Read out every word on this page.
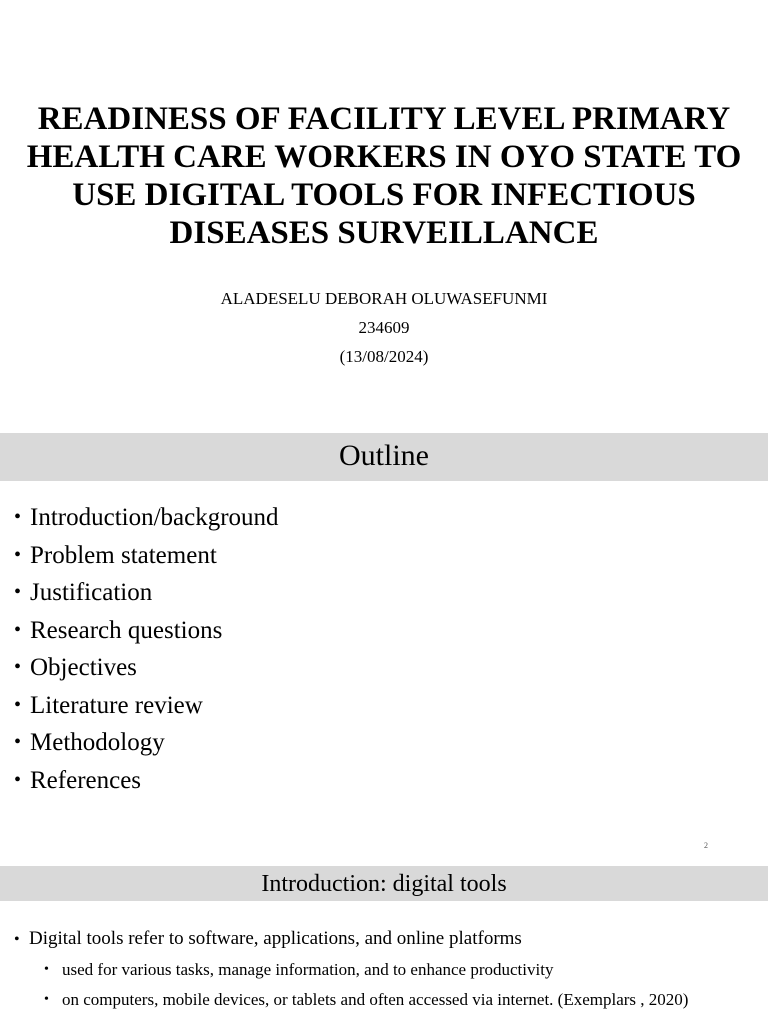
READINESS OF FACILITY LEVEL PRIMARY HEALTH CARE WORKERS IN OYO STATE TO USE DIGITAL TOOLS FOR INFECTIOUS DISEASES SURVEILLANCE
ALADESELU DEBORAH OLUWASEFUNMI
234609
(13/08/2024)
Outline
• Introduction/background
• Problem statement
• Justification
• Research questions
• Objectives
• Literature review
• Methodology
• References
2
Introduction: digital tools
• Digital tools refer to software, applications, and online platforms
• used for various tasks, manage information, and to enhance productivity
• on computers, mobile devices, or tablets and often accessed via internet. (Exemplars , 2020)
